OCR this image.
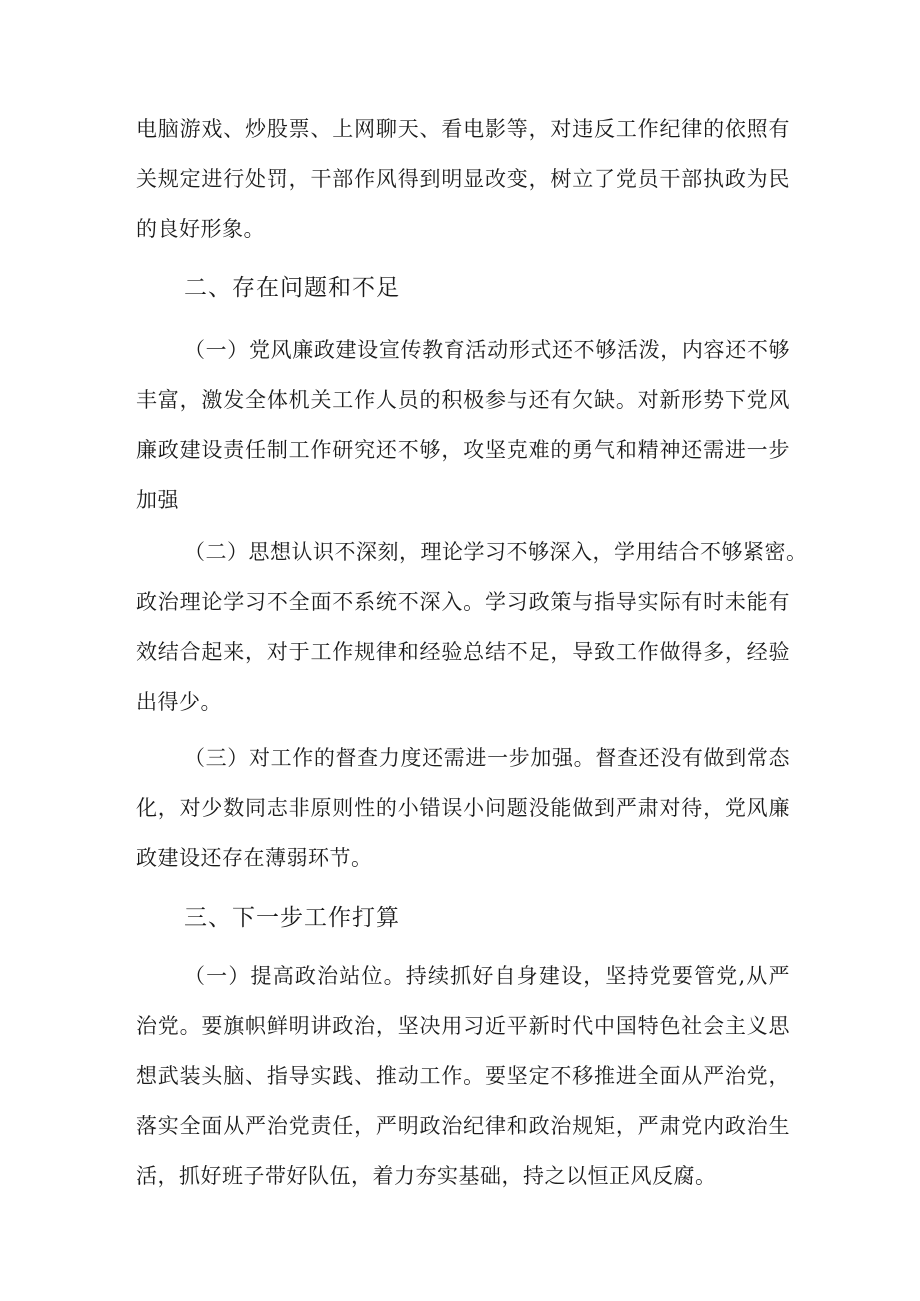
电脑游戏、炒股票、上网聊天、看电影等，对违反工作纪律的依照有
关规定进行处罚，干部作风得到明显改变，树立了党员干部执政为民
的良好形象。
二、存在问题和不足
（一）党风廉政建设宣传教育活动形式还不够活泼，内容还不够
丰富，激发全体机关工作人员的积极参与还有欠缺。对新形势下党风
廉政建设责任制工作研究还不够，攻坚克难的勇气和精神还需进一步
加强
（二）思想认识不深刻，理论学习不够深入，学用结合不够紧密。
政治理论学习不全面不系统不深入。学习政策与指导实际有时未能有
效结合起来，对于工作规律和经验总结不足，导致工作做得多，经验
出得少。
（三）对工作的督查力度还需进一步加强。督查还没有做到常态
化，对少数同志非原则性的小错误小问题没能做到严肃对待，党风廉
政建设还存在薄弱环节。
三、下一步工作打算
（一）提高政治站位。持续抓好自身建设，坚持党要管党,从严
治党。要旗帜鲜明讲政治，坚决用习近平新时代中国特色社会主义思
想武装头脑、指导实践、推动工作。要坚定不移推进全面从严治党，
落实全面从严治党责任，严明政治纪律和政治规矩，严肃党内政治生
活，抓好班子带好队伍，着力夯实基础，持之以恒正风反腐。
